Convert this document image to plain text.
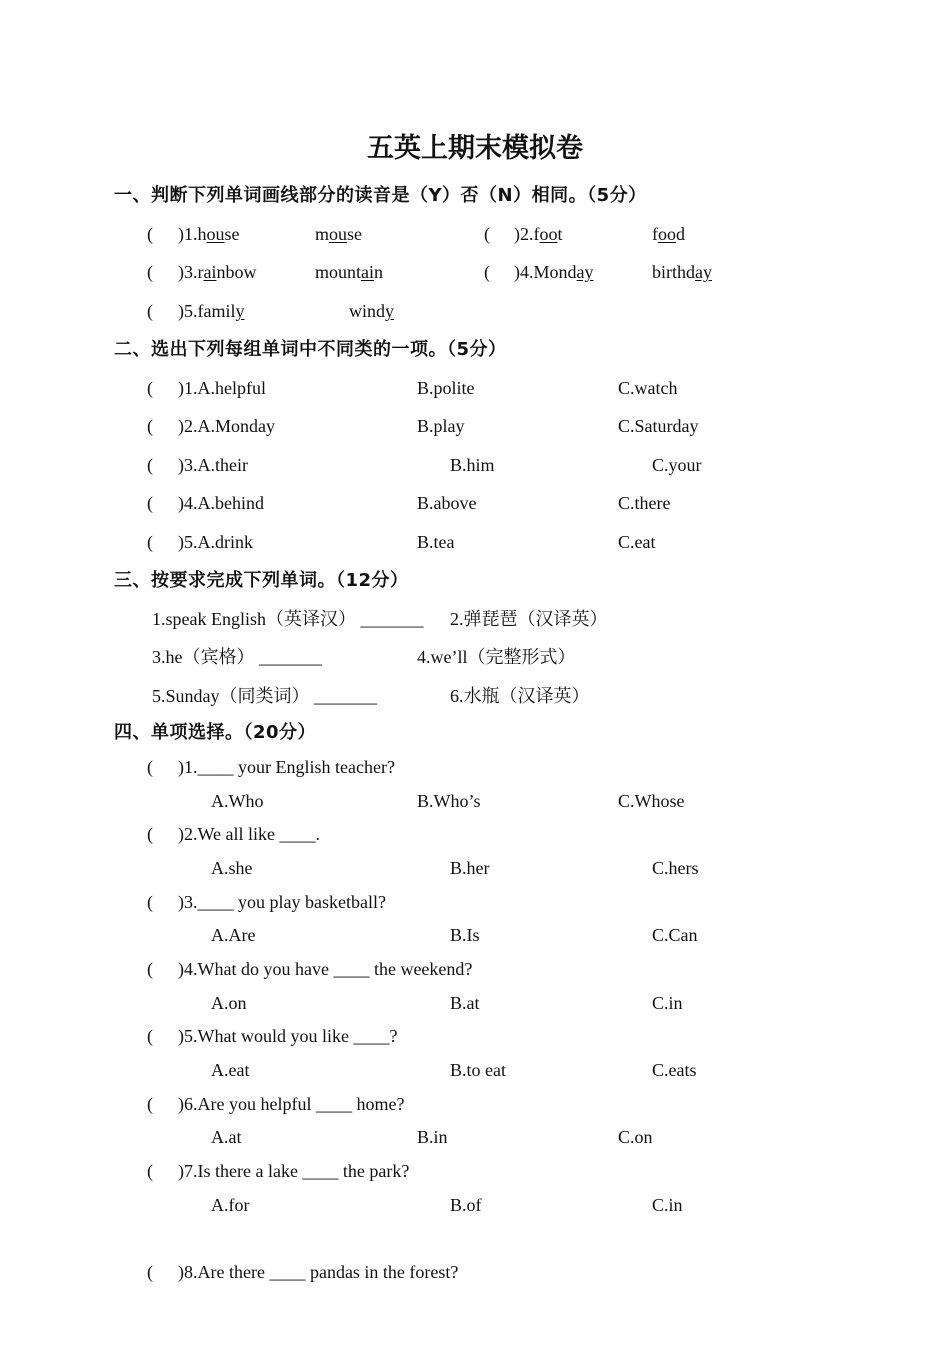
五英上期末模拟卷
一、判断下列单词画线部分的读音是（Y）否（N）相同。（5分）
( )1.house	mouse	( )2.foot	food
( )3.rainbow	mountain	( )4.Monday	birthday
( )5.family	windy
二、选出下列每组单词中不同类的一项。（5分）
( )1.A.helpful	B.polite	C.watch
( )2.A.Monday	B.play	C.Saturday
( )3.A.their	B.him	C.your
( )4.A.behind	B.above	C.there
( )5.A.drink	B.tea	C.eat
三、按要求完成下列单词。（12分）
1.speak English（英译汉） _______ 2.弹琵琶（汉译英）
3.he（宾格） _______	4.we’ll（完整形式）
5.Sunday（同类词） _______	6.水瓶（汉译英）
四、单项选择。（20分）
( )1.____ your English teacher?
A.Who	B.Who’s	C.Whose
( )2.We all like ____.
A.she	B.her	C.hers
( )3.____ you play basketball?
A.Are	B.Is	C.Can
( )4.What do you have ____ the weekend?
A.on	B.at	C.in
( )5.What would you like ____?
A.eat	B.to eat	C.eats
( )6.Are you helpful ____ home?
A.at	B.in	C.on
( )7.Is there a lake ____ the park?
A.for	B.of	C.in
( )8.Are there ____ pandas in the forest?
